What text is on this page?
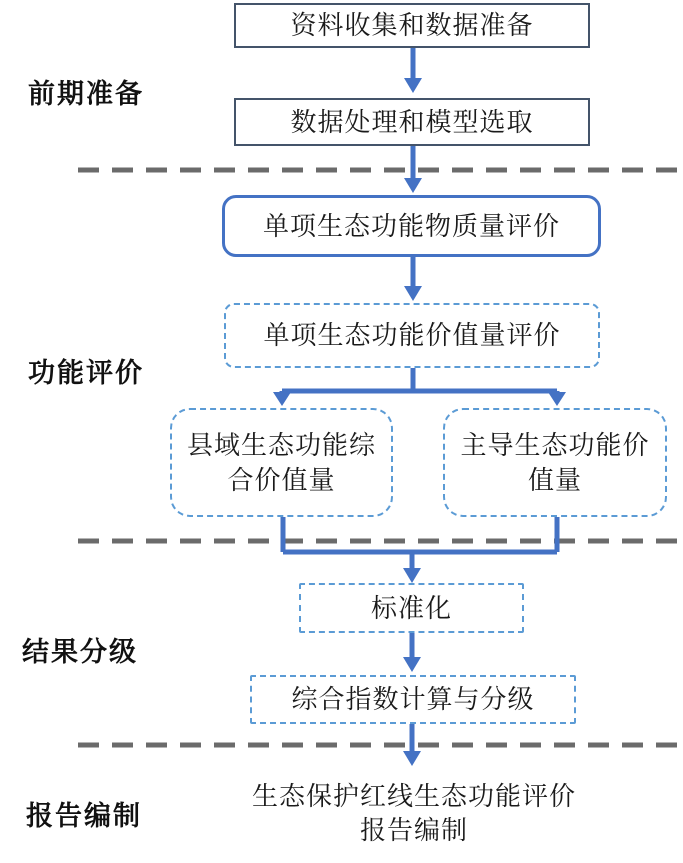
前期准备
功能评价
结果分级
报告编制
资料收集和数据准备
数据处理和模型选取
单项生态功能物质量评价
单项生态功能价值量评价
县域生态功能综
合价值量
主导生态功能价
值量
标准化
综合指数计算与分级
生态保护红线生态功能评价
报告编制
